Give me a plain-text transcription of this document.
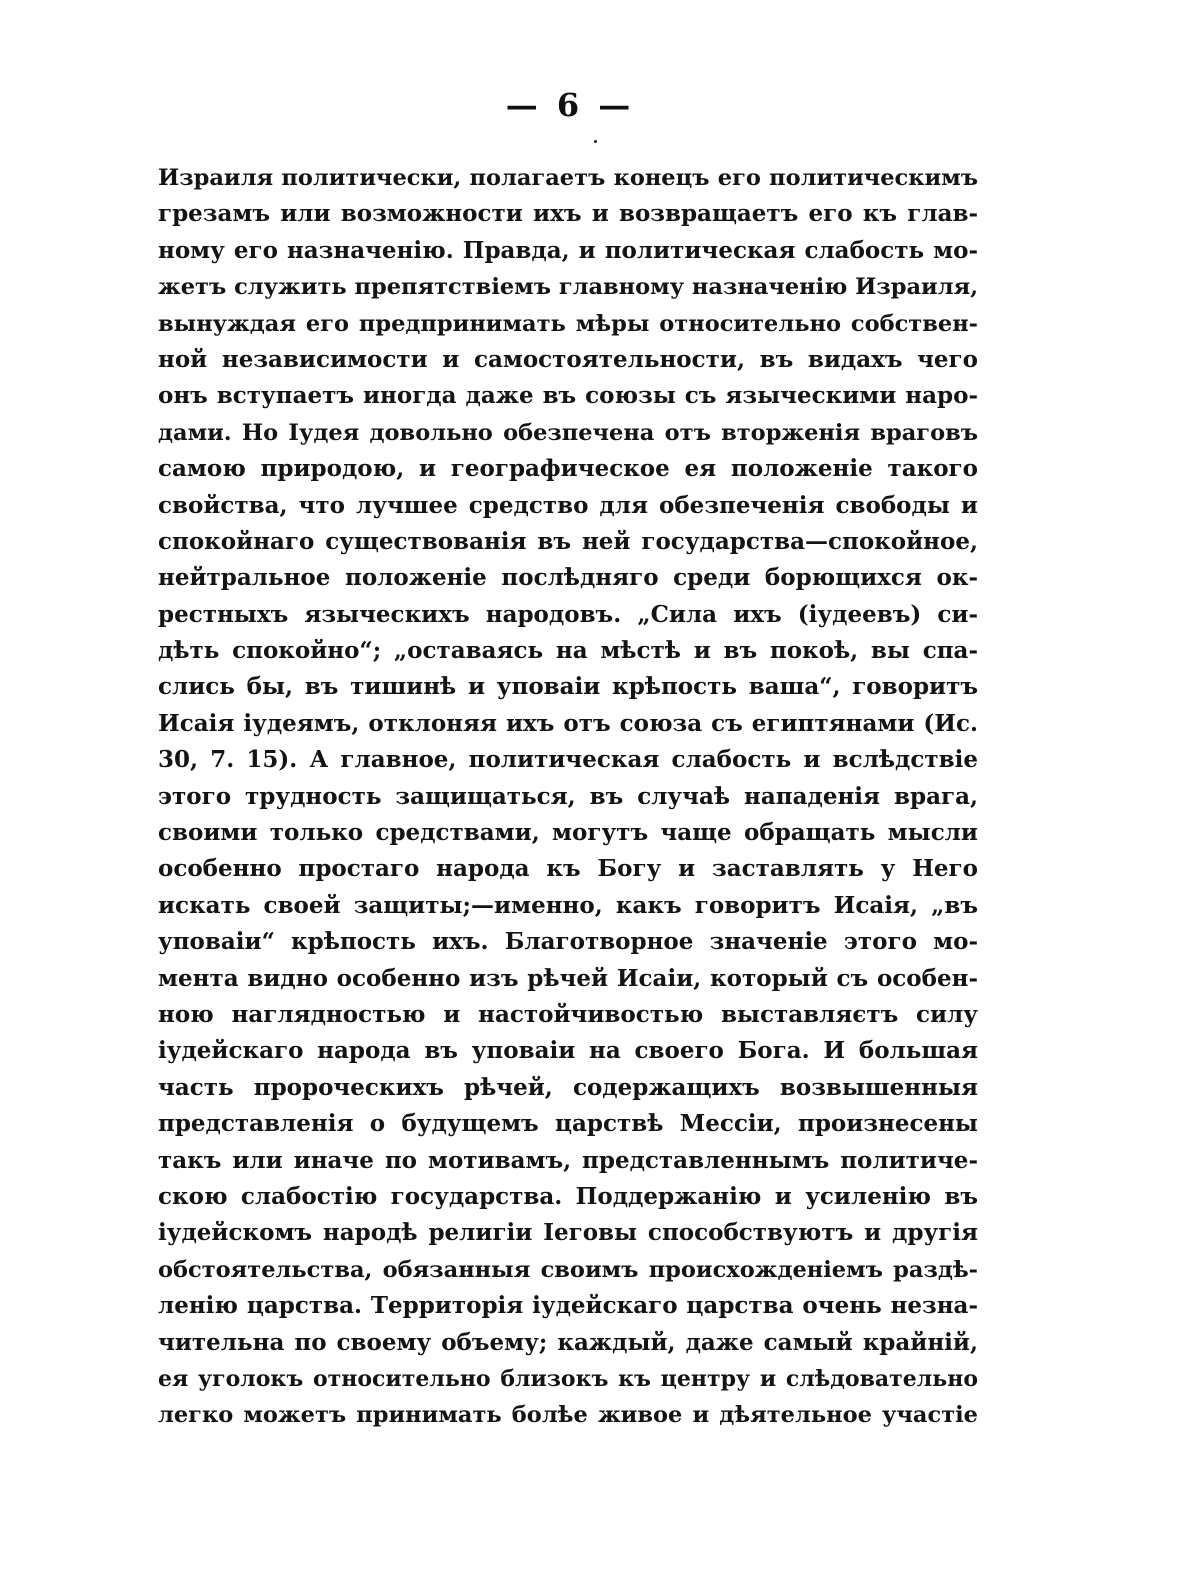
— 6 —
Израиля политически, полагаетъ конецъ его политическимъ
грезамъ или возможности ихъ и возвращаетъ его къ глав-
ному его назначенію. Правда, и политическая слабость мо-
жетъ служить препятствіемъ главному назначенію Израиля,
вынуждая его предпринимать мѣры относительно собствен-
ной независимости и самостоятельности, въ видахъ чего
онъ вступаетъ иногда даже въ союзы съ языческими наро-
дами. Но Іудея довольно обезпечена отъ вторженія враговъ
самою природою, и географическое ея положеніе такого
свойства, что лучшее средство для обезпеченія свободы и
спокойнаго существованія въ ней государства—спокойное,
нейтральное положеніе послѣдняго среди борющихся ок-
рестныхъ языческихъ народовъ. „Сила ихъ (іудеевъ) си-
дѣть спокойно“; „оставаясь на мѣстѣ и въ покоѣ, вы спа-
слись бы, въ тишинѣ и уповаіи крѣпость ваша“, говоритъ
Исаія іудеямъ, отклоняя ихъ отъ союза съ египтянами (Ис.
30, 7. 15). А главное, политическая слабость и вслѣдствіе
этого трудность защищаться, въ случаѣ нападенія врага,
своими только средствами, могутъ чаще обращать мысли
особенно простаго народа къ Богу и заставлять у Него
искать своей защиты;—именно, какъ говоритъ Исаія, „въ
уповаіи“ крѣпость ихъ. Благотворное значеніе этого мо-
мента видно особенно изъ рѣчей Исаіи, который съ особен-
ною наглядностью и настойчивостью выставляєтъ силу
іудейскаго народа въ уповаіи на своего Бога. И большая
часть пророческихъ рѣчей, содержащихъ возвышенныя
представленія о будущемъ царствѣ Мессіи, произнесены
такъ или иначе по мотивамъ, представленнымъ политиче-
скою слабостію государства. Поддержанію и усиленію въ
іудейскомъ народѣ религіи Іеговы способствуютъ и другія
обстоятельства, обязанныя своимъ происхожденіемъ раздѣ-
ленію царства. Территорія іудейскаго царства очень незна-
чительна по своему объему; каждый, даже самый крайній,
ея уголокъ относительно близокъ къ центру и слѣдовательно
легко можетъ принимать болѣе живое и дѣятельное участіе
